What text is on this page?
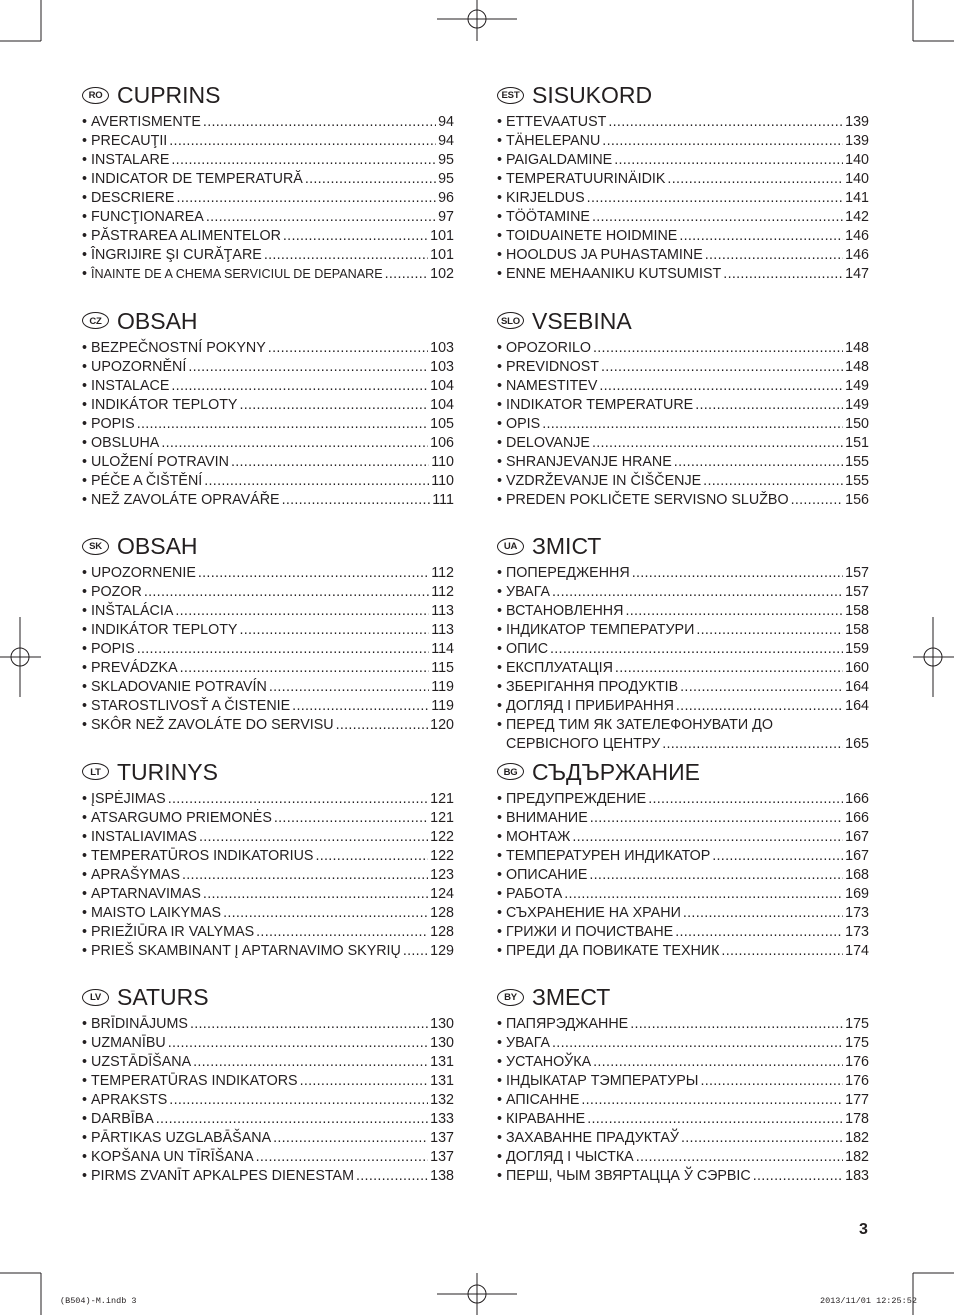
RO CUPRINS
• AVERTISMENTE .....	94
• PRECAUŢII .....	94
• INSTALARE .....	95
• INDICATOR DE TEMPERATURĂ .....	95
• DESCRIERE .....	96
• FUNCŢIONAREA .....	97
• PĂSTRAREA ALIMENTELOR .....	101
• ÎNGRIJIRE ŞI CURĂŢARE .....	101
• ÎNAINTE DE A CHEMA SERVICIUL DE DEPANARE .....	102
CZ OBSAH
• BEZPEČNOSTNÍ POKYNY .....	103
• UPOZORNĚNÍ .....	103
• INSTALACE .....	104
• INDIKÁTOR TEPLOTY .....	104
• POPIS .....	105
• OBSLUHA .....	106
• ULOŽENÍ POTRAVIN .....	110
• PÉČE A ČIŠTĚNÍ .....	110
• NEŽ ZAVOLÁTE OPRAVÁŘE .....	111
SK OBSAH
• UPOZORNENIE .....	112
• POZOR .....	112
• INŠTALÁCIA .....	113
• INDIKÁTOR TEPLOTY .....	113
• POPIS .....	114
• PREVÁDZKA .....	115
• SKLADOVANIE POTRAVÍN .....	119
• STAROSTLIVOSŤ A ČISTENIE .....	119
• SKÔR NEŽ ZAVOLÁTE DO SERVISU .....	120
LT TURINYS
• ĮSPĖJIMAS .....	121
• ATSARGUMO PRIEMONĖS .....	121
• INSTALIAVIMAS .....	122
• TEMPERATŪROS INDIKATORIUS .....	122
• APRAŠYMAS .....	123
• APTARNAVIMAS .....	124
• MAISTO LAIKYMAS .....	128
• PRIEŽIŪRA IR VALYMAS .....	128
• PRIEŠ SKAMBINANT Į APTARNAVIMO SKYRIŲ ..... 129
LV SATURS
• BRĪDINĀJUMS .....	130
• UZMANĪBU .....	130
• UZSTĀDĪŠANA .....	131
• TEMPERATŪRAS INDIKATORS .....	131
• APRAKSTS .....	132
• DARBĪBA .....	133
• PĀRTIKAS UZGLABĀŠANA .....	137
• KOPŠANA UN TĪRĪŠANA .....	137
• PIRMS ZVANĪT APKALPES DIENESTAM .....	138
EST SISUKORD
• ETTEVAATUST .....	139
• TÄHELEPANU .....	139
• PAIGALDAMINE .....	140
• TEMPERATUURINÄIDIK .....	140
• KIRJELDUS .....	141
• TÖÖTAMINE .....	142
• TOIDUAINETE HOIDMINE .....	146
• HOOLDUS JA PUHASTAMINE .....	146
• ENNE MEHAANIKU KUTSUMIST .....	147
SLO VSEBINA
• OPOZORILO .....	148
• PREVIDNOST .....	148
• NAMESTITEV .....	149
• INDIKATOR TEMPERATURE .....	149
• OPIS .....	150
• DELOVANJE .....	151
• SHRANJEVANJE HRANE .....	155
• VZDRŽEVANJE IN ČIŠČENJE .....	155
• PREDEN POKLIČETE SERVISNO SLUŽBO .....	156
UA ЗМІСТ
• ПОПЕРЕДЖЕННЯ .....	157
• УВАГА .....	157
• ВСТАНОВЛЕННЯ .....	158
• ІНДИКАТОР ТЕМПЕРАТУРИ .....	158
• ОПИС .....	159
• ЕКСПЛУАТАЦІЯ .....	160
• ЗБЕРІГАННЯ ПРОДУКТІВ .....	164
• ДОГЛЯД І ПРИБИРАННЯ .....	164
• ПЕРЕД ТИМ ЯК ЗАТЕЛЕФОНУВАТИ ДО
СЕРВІСНОГО ЦЕНТРУ .....	165
BG СЪДЪРЖАНИЕ
• ПРЕДУПРЕЖДЕНИЕ .....	166
• ВНИМАНИЕ .....	166
• МОНТАЖ .....	167
• ТЕМПЕРАТУРЕН ИНДИКАТОР .....	167
• ОПИСАНИЕ .....	168
• РАБОТА .....	169
• СЪХРАНЕНИЕ НА ХРАНИ .....	173
• ГРИЖИ И ПОЧИСТВАНЕ .....	173
• ПРЕДИ ДА ПОВИКАТЕ ТЕХНИК .....	174
BY ЗМЕСТ
• ПАПЯРЭДЖАННЕ .....	175
• УВАГА .....	175
• УСТАНОЎКА .....	176
• ІНДЫКАТАР ТЭМПЕРАТУРЫ .....	176
• АПІСАННЕ .....	177
• КІРАВАННЕ .....	178
• ЗАХАВАННЕ ПРАДУКТАЎ .....	182
• ДОГЛЯД І ЧЫСТКА .....	182
• ПЕРШ, ЧЫМ ЗВЯРТАЦЦА Ў СЭРВІС .....	183
3
(B504)-M.indb 3	2013/11/01 12:25:52
